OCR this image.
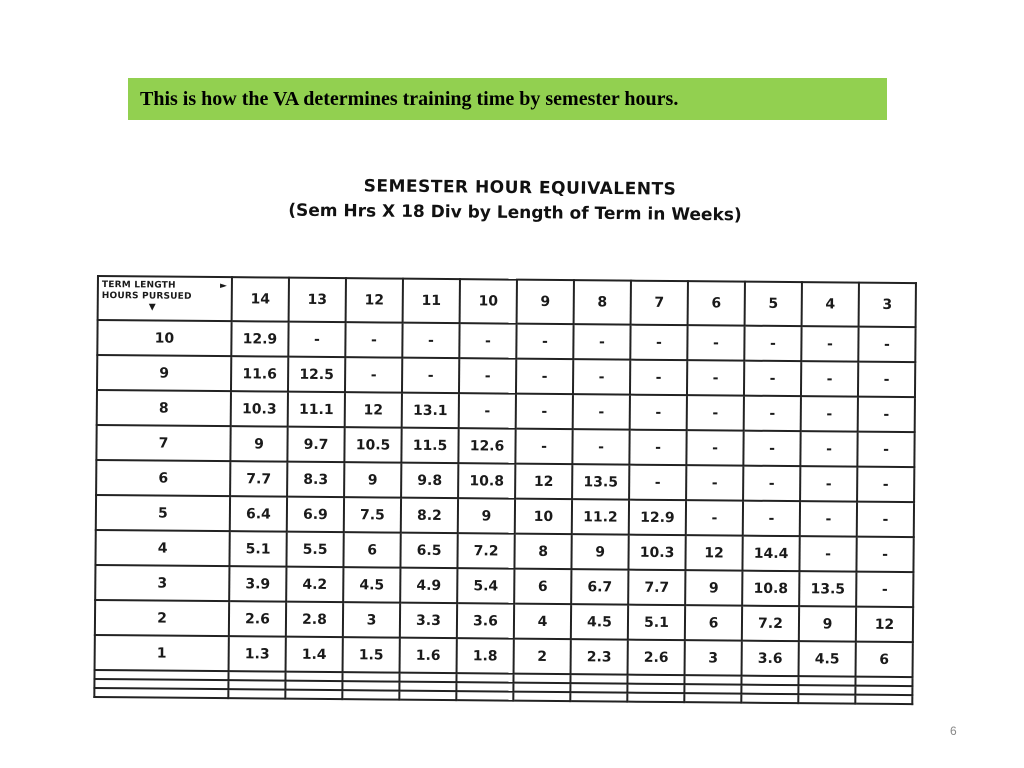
This is how the VA determines training time by semester hours.
SEMESTER HOUR EQUIVALENTS
(Sem Hrs X 18 Div by Length of Term in Weeks)
TERM LENGTH ►
HOURS PURSUED
▼	14	13	12	11	10	9	8	7	6	5	4	3
10	12.9	-	-	-	-	-	-	-	-	-	-	-
9	11.6	12.5	-	-	-	-	-	-	-	-	-	-
8	10.3	11.1	12	13.1	-	-	-	-	-	-	-	-
7	9	9.7	10.5	11.5	12.6	-	-	-	-	-	-	-
6	7.7	8.3	9	9.8	10.8	12	13.5	-	-	-	-	-
5	6.4	6.9	7.5	8.2	9	10	11.2	12.9	-	-	-	-
4	5.1	5.5	6	6.5	7.2	8	9	10.3	12	14.4	-	-
3	3.9	4.2	4.5	4.9	5.4	6	6.7	7.7	9	10.8	13.5	-
2	2.6	2.8	3	3.3	3.6	4	4.5	5.1	6	7.2	9	12
1	1.3	1.4	1.5	1.6	1.8	2	2.3	2.6	3	3.6	4.5	6

6
